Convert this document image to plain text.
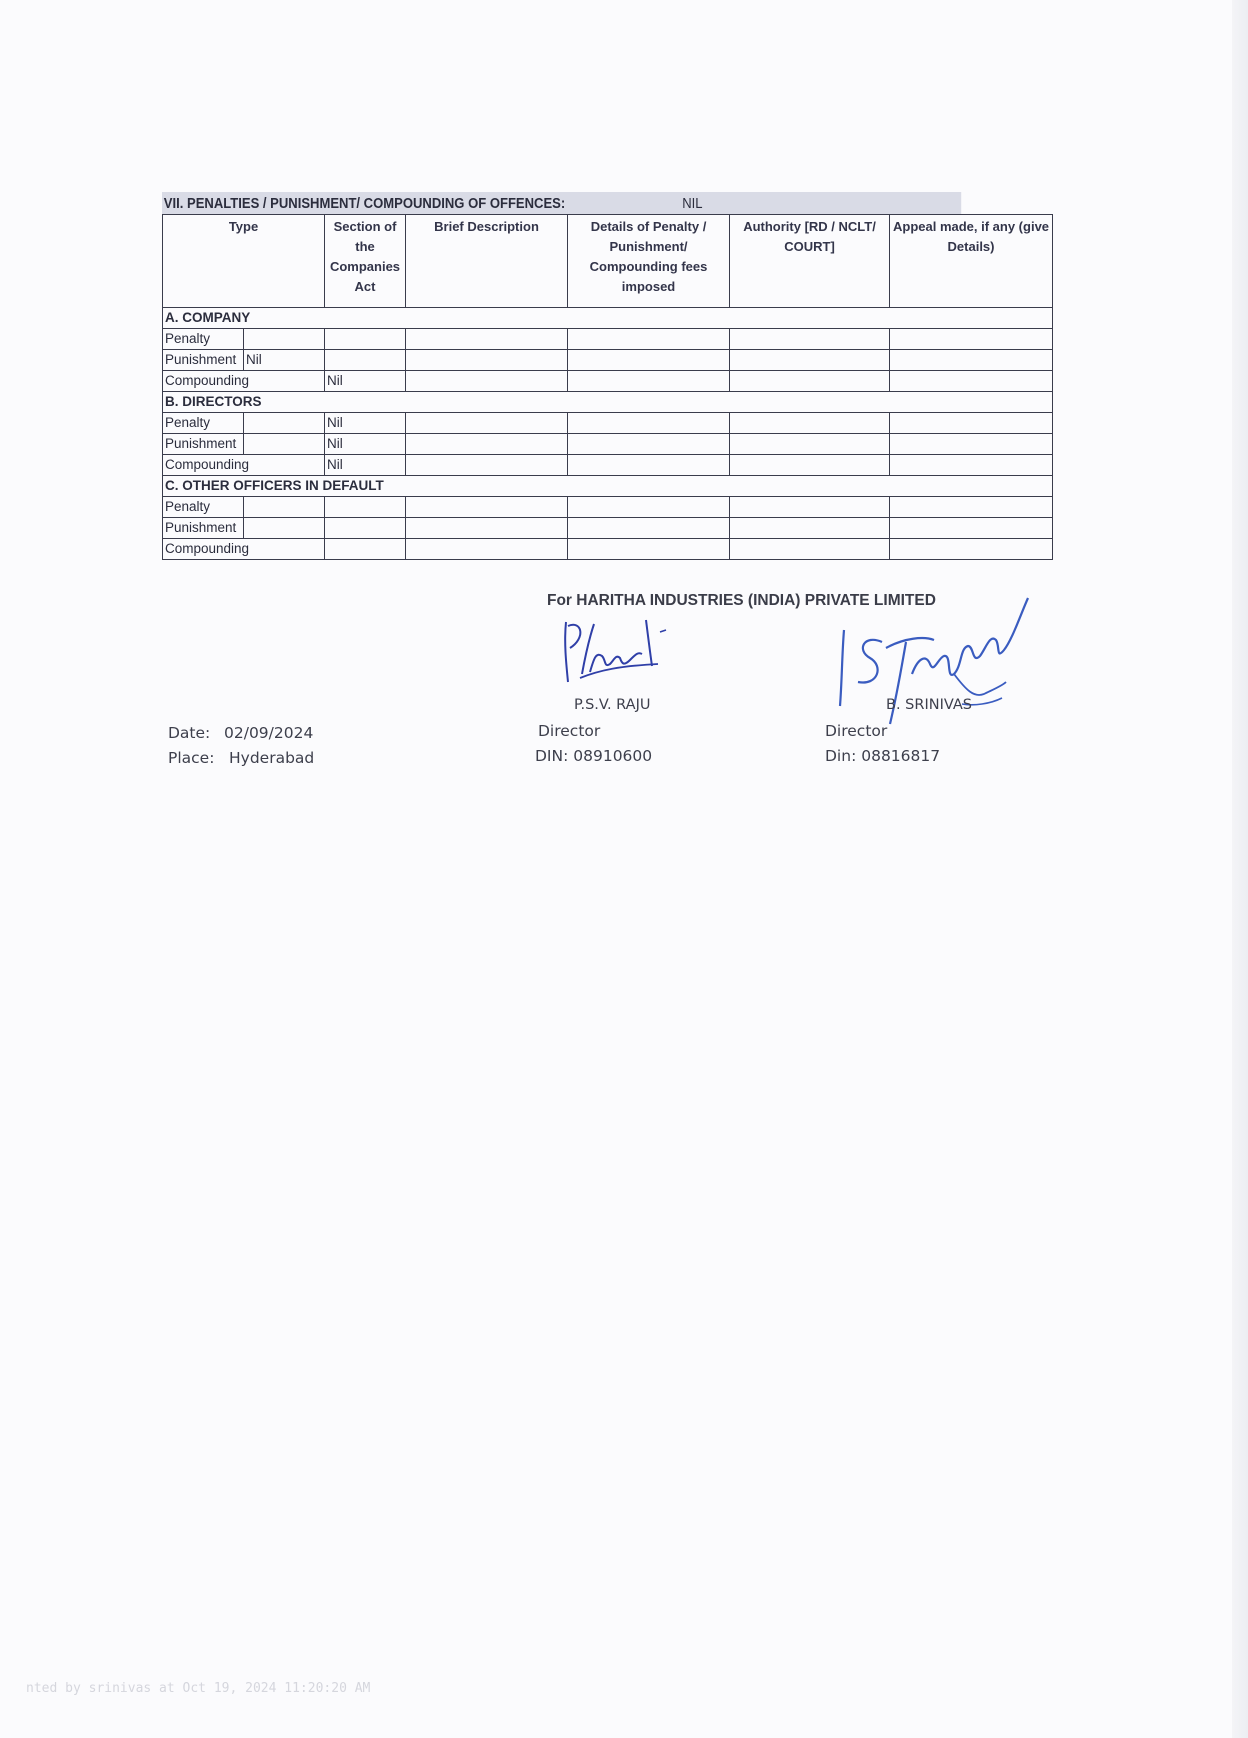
VII. PENALTIES / PUNISHMENT/ COMPOUNDING OF OFFENCES:	NIL
Type		Section of the Companies Act	Brief Description	Details of Penalty / Punishment/ Compounding fees imposed	Authority [RD / NCLT/ COURT]	Appeal made, if any (give Details)
A. COMPANY						
Penalty						
Punishment	Nil					
Compounding		Nil				
B. DIRECTORS						
Penalty		Nil				
Punishment		Nil				
Compounding		Nil				
C. OTHER OFFICERS IN DEFAULT						
Penalty						
Punishment						
Compounding						
For HARITHA INDUSTRIES (INDIA) PRIVATE LIMITED
P.S.V. RAJU
Director
DIN: 08910600
B. SRINIVAS
Director
Din: 08816817
Date: 02/09/2024
Place: Hyderabad
nted by srinivas at Oct 19, 2024 11:20:20 AM
